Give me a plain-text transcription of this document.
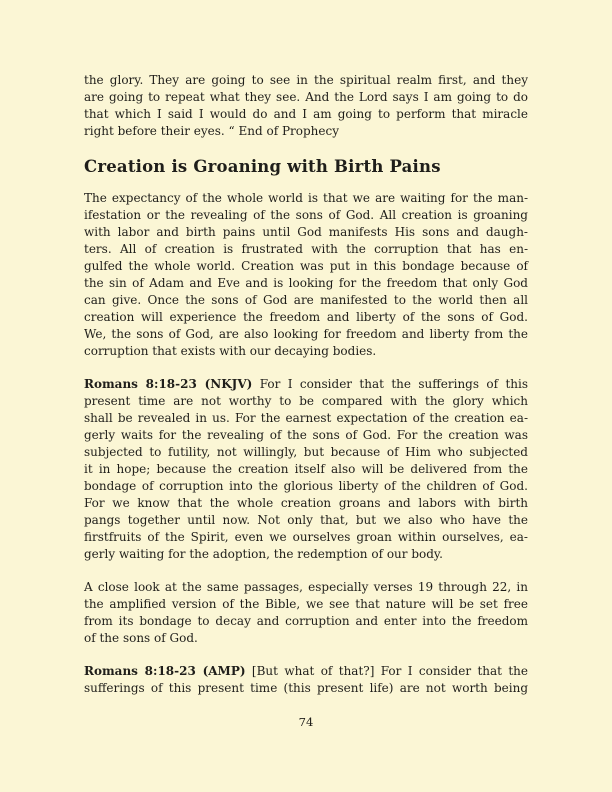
the glory. They are going to see in the spiritual realm first, and they
are going to repeat what they see. And the Lord says I am going to do
that which I said I would do and I am going to perform that miracle
right before their eyes. “ End of Prophecy
Creation is Groaning with Birth Pains
The expectancy of the whole world is that we are waiting for the man-
ifestation or the revealing of the sons of God. All creation is groaning
with labor and birth pains until God manifests His sons and daugh-
ters. All of creation is frustrated with the corruption that has en-
gulfed the whole world. Creation was put in this bondage because of
the sin of Adam and Eve and is looking for the freedom that only God
can give. Once the sons of God are manifested to the world then all
creation will experience the freedom and liberty of the sons of God.
We, the sons of God, are also looking for freedom and liberty from the
corruption that exists with our decaying bodies.
Romans 8:18-23 (NKJV) For I consider that the sufferings of this
present time are not worthy to be compared with the glory which
shall be revealed in us. For the earnest expectation of the creation ea-
gerly waits for the revealing of the sons of God. For the creation was
subjected to futility, not willingly, but because of Him who subjected
it in hope; because the creation itself also will be delivered from the
bondage of corruption into the glorious liberty of the children of God.
For we know that the whole creation groans and labors with birth
pangs together until now. Not only that, but we also who have the
firstfruits of the Spirit, even we ourselves groan within ourselves, ea-
gerly waiting for the adoption, the redemption of our body.
A close look at the same passages, especially verses 19 through 22, in
the amplified version of the Bible, we see that nature will be set free
from its bondage to decay and corruption and enter into the freedom
of the sons of God.
Romans 8:18-23 (AMP) [But what of that?] For I consider that the
sufferings of this present time (this present life) are not worth being
74
